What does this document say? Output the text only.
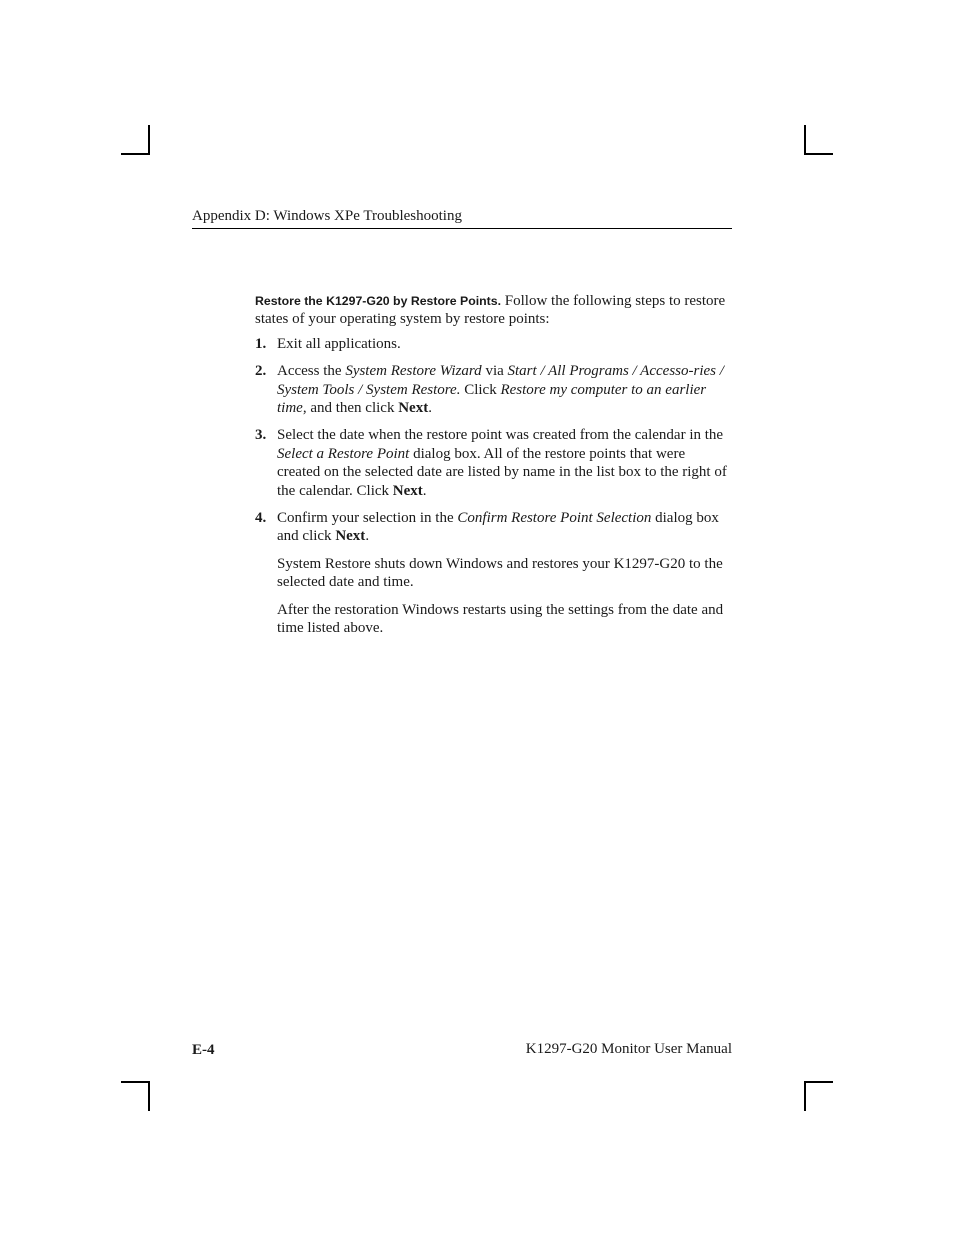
Appendix D: Windows XPe Troubleshooting

Restore the K1297-G20 by Restore Points. Follow the following steps to restore states of your operating system by restore points:

1. Exit all applications.
2. Access the System Restore Wizard via Start / All Programs / Accesso-ries / System Tools / System Restore. Click Restore my computer to an earlier time, and then click Next.
3. Select the date when the restore point was created from the calendar in the Select a Restore Point dialog box. All of the restore points that were created on the selected date are listed by name in the list box to the right of the calendar. Click Next.
4. Confirm your selection in the Confirm Restore Point Selection dialog box and click Next.

System Restore shuts down Windows and restores your K1297-G20 to the selected date and time.

After the restoration Windows restarts using the settings from the date and time listed above.

E-4	K1297-G20 Monitor User Manual
